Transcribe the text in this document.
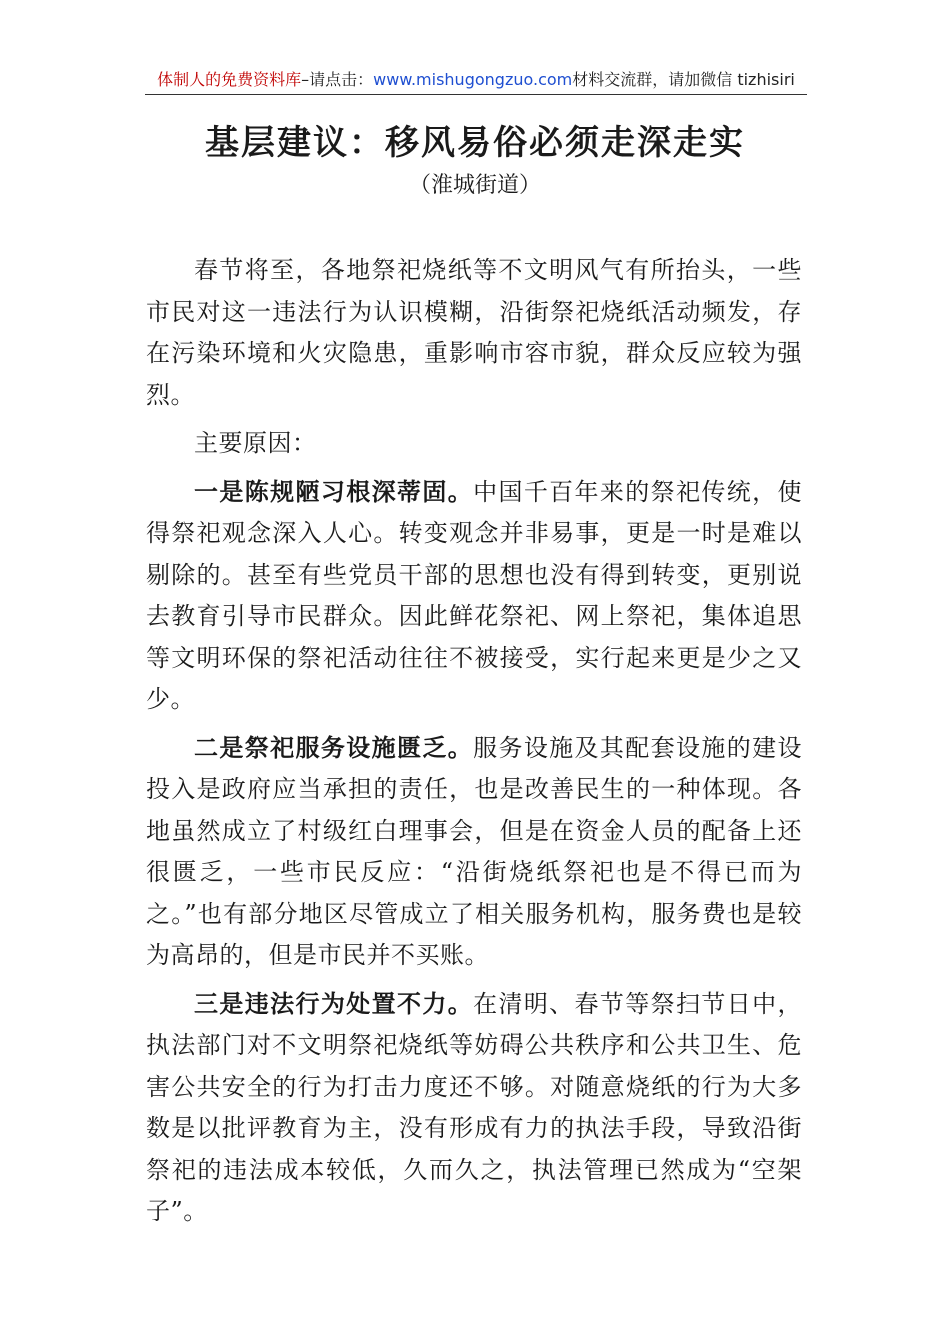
体制人的免费资料库–请点击：www.mishugongzuo.com材料交流群，请加微信 tizhisiri
基层建议：移风易俗必须走深走实
（淮城街道）

春节将至，各地祭祀烧纸等不文明风气有所抬头，一些市民对这一违法行为认识模糊，沿街祭祀烧纸活动频发，存在污染环境和火灾隐患，重影响市容市貌，群众反应较为强烈。

主要原因：

一是陈规陋习根深蒂固。中国千百年来的祭祀传统，使得祭祀观念深入人心。转变观念并非易事，更是一时是难以剔除的。甚至有些党员干部的思想也没有得到转变，更别说去教育引导市民群众。因此鲜花祭祀、网上祭祀，集体追思等文明环保的祭祀活动往往不被接受，实行起来更是少之又少。

二是祭祀服务设施匮乏。服务设施及其配套设施的建设投入是政府应当承担的责任，也是改善民生的一种体现。各地虽然成立了村级红白理事会，但是在资金人员的配备上还很匮乏，一些市民反应：“沿街烧纸祭祀也是不得已而为之。”也有部分地区尽管成立了相关服务机构，服务费也是较为高昂的，但是市民并不买账。

三是违法行为处置不力。在清明、春节等祭扫节日中，执法部门对不文明祭祀烧纸等妨碍公共秩序和公共卫生、危害公共安全的行为打击力度还不够。对随意烧纸的行为大多数是以批评教育为主，没有形成有力的执法手段，导致沿街祭祀的违法成本较低，久而久之，执法管理已然成为“空架子”。
